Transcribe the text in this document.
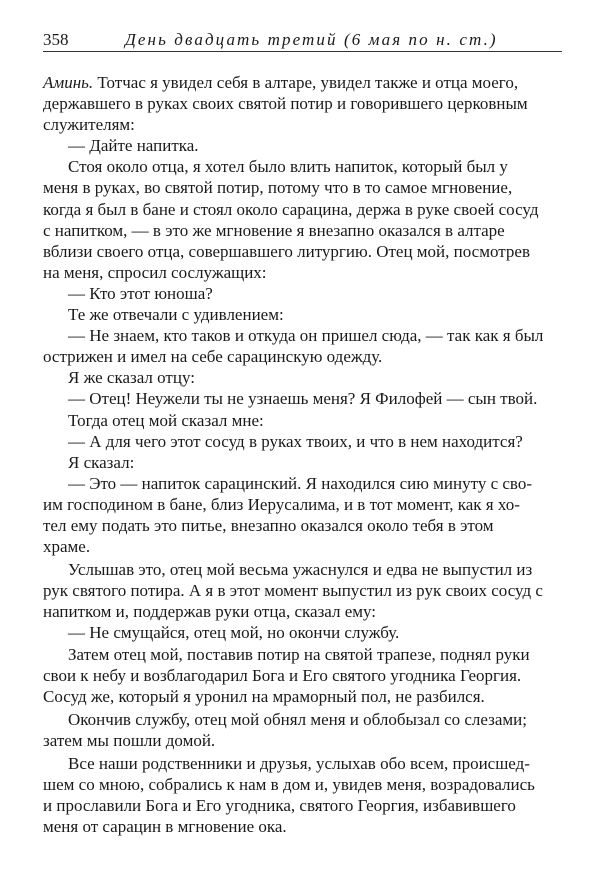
358	День двадцать третий (6 мая по н. ст.)
Аминь. Тотчас я увидел себя в алтаре, увидел также и отца моего,
державшего в руках своих святой потир и говорившего церковным
служителям:
— Дайте напитка.
Стоя около отца, я хотел было влить напиток, который был у
меня в руках, во святой потир, потому что в то самое мгновение,
когда я был в бане и стоял около сарацина, держа в руке своей сосуд
с напитком, — в это же мгновение я внезапно оказался в алтаре
вблизи своего отца, совершавшего литургию. Отец мой, посмотрев
на меня, спросил сослужащих:
— Кто этот юноша?
Те же отвечали с удивлением:
— Не знаем, кто таков и откуда он пришел сюда, — так как я был
острижен и имел на себе сарацинскую одежду.
Я же сказал отцу:
— Отец! Неужели ты не узнаешь меня? Я Филофей — сын твой.
Тогда отец мой сказал мне:
— А для чего этот сосуд в руках твоих, и что в нем находится?
Я сказал:
— Это — напиток сарацинский. Я находился сию минуту с сво-
им господином в бане, близ Иерусалима, и в тот момент, как я хо-
тел ему подать это питье, внезапно оказался около тебя в этом
храме.
Услышав это, отец мой весьма ужаснулся и едва не выпустил из
рук святого потира. А я в этот момент выпустил из рук своих сосуд с
напитком и, поддержав руки отца, сказал ему:
— Не смущайся, отец мой, но окончи службу.
Затем отец мой, поставив потир на святой трапезе, поднял руки
свои к небу и возблагодарил Бога и Его святого угодника Георгия.
Сосуд же, который я уронил на мраморный пол, не разбился.
Окончив службу, отец мой обнял меня и облобызал со слезами;
затем мы пошли домой.
Все наши родственники и друзья, услыхав обо всем, происшед-
шем со мною, собрались к нам в дом и, увидев меня, возрадовались
и прославили Бога и Его угодника, святого Георгия, избавившего
меня от сарацин в мгновение ока.
